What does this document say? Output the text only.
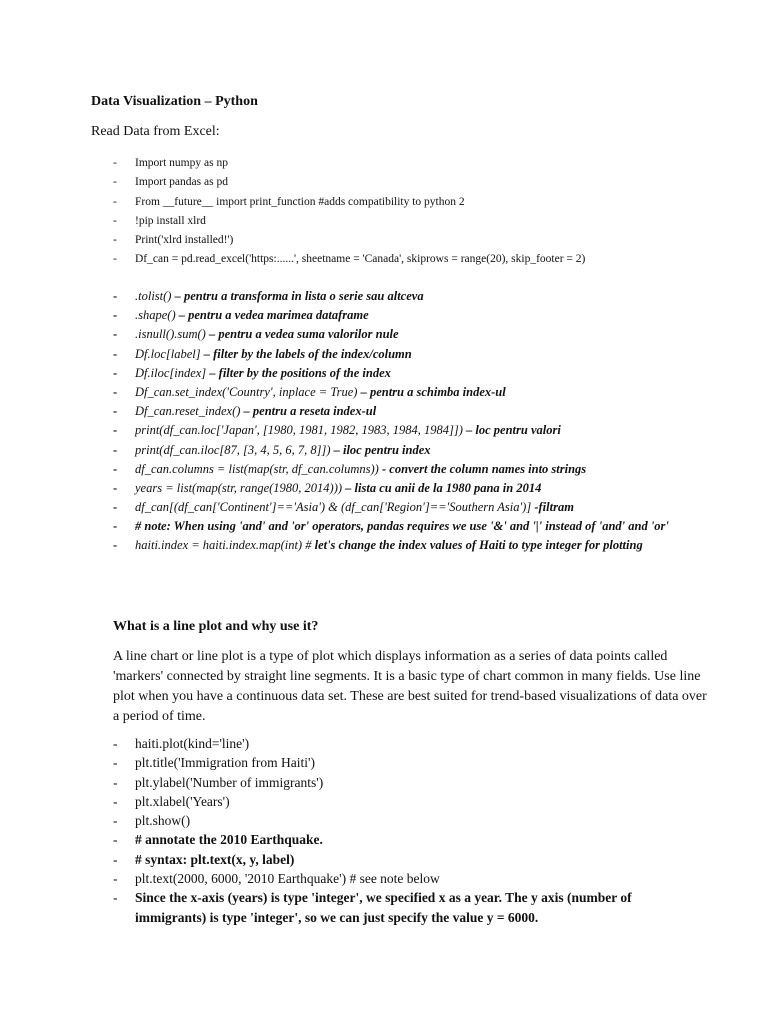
Data Visualization – Python
Read Data from Excel:
- Import numpy as np
- Import pandas as pd
- From __future__ import print_function #adds compatibility to python 2
- !pip install xlrd
- Print('xlrd installed!')
- Df_can = pd.read_excel('https:......', sheetname = 'Canada', skiprows = range(20), skip_footer = 2)
- .tolist() – pentru a transforma in lista o serie sau altceva
- .shape() – pentru a vedea marimea dataframe
- .isnull().sum() – pentru a vedea suma valorilor nule
- Df.loc[label] – filter by the labels of the index/column
- Df.iloc[index] – filter by the positions of the index
- Df_can.set_index('Country', inplace = True) – pentru a schimba index-ul
- Df_can.reset_index() – pentru a reseta index-ul
- print(df_can.loc['Japan', [1980, 1981, 1982, 1983, 1984, 1984]]) – loc pentru valori
- print(df_can.iloc[87, [3, 4, 5, 6, 7, 8]]) – iloc pentru index
- df_can.columns = list(map(str, df_can.columns)) - convert the column names into strings
- years = list(map(str, range(1980, 2014))) – lista cu anii de la 1980 pana in 2014
- df_can[(df_can['Continent']=='Asia') & (df_can['Region']=='Southern Asia')] -filtram
- # note: When using 'and' and 'or' operators, pandas requires we use '&' and '|' instead of 'and' and 'or'
- haiti.index = haiti.index.map(int) # let's change the index values of Haiti to type integer for plotting
What is a line plot and why use it?

A line chart or line plot is a type of plot which displays information as a series of data points called 'markers' connected by straight line segments. It is a basic type of chart common in many fields. Use line plot when you have a continuous data set. These are best suited for trend-based visualizations of data over a period of time.

- haiti.plot(kind='line')
- plt.title('Immigration from Haiti')
- plt.ylabel('Number of immigrants')
- plt.xlabel('Years')
- plt.show()
- # annotate the 2010 Earthquake.
- # syntax: plt.text(x, y, label)
- plt.text(2000, 6000, '2010 Earthquake') # see note below
- Since the x-axis (years) is type 'integer', we specified x as a year. The y axis (number of immigrants) is type 'integer', so we can just specify the value y = 6000.
